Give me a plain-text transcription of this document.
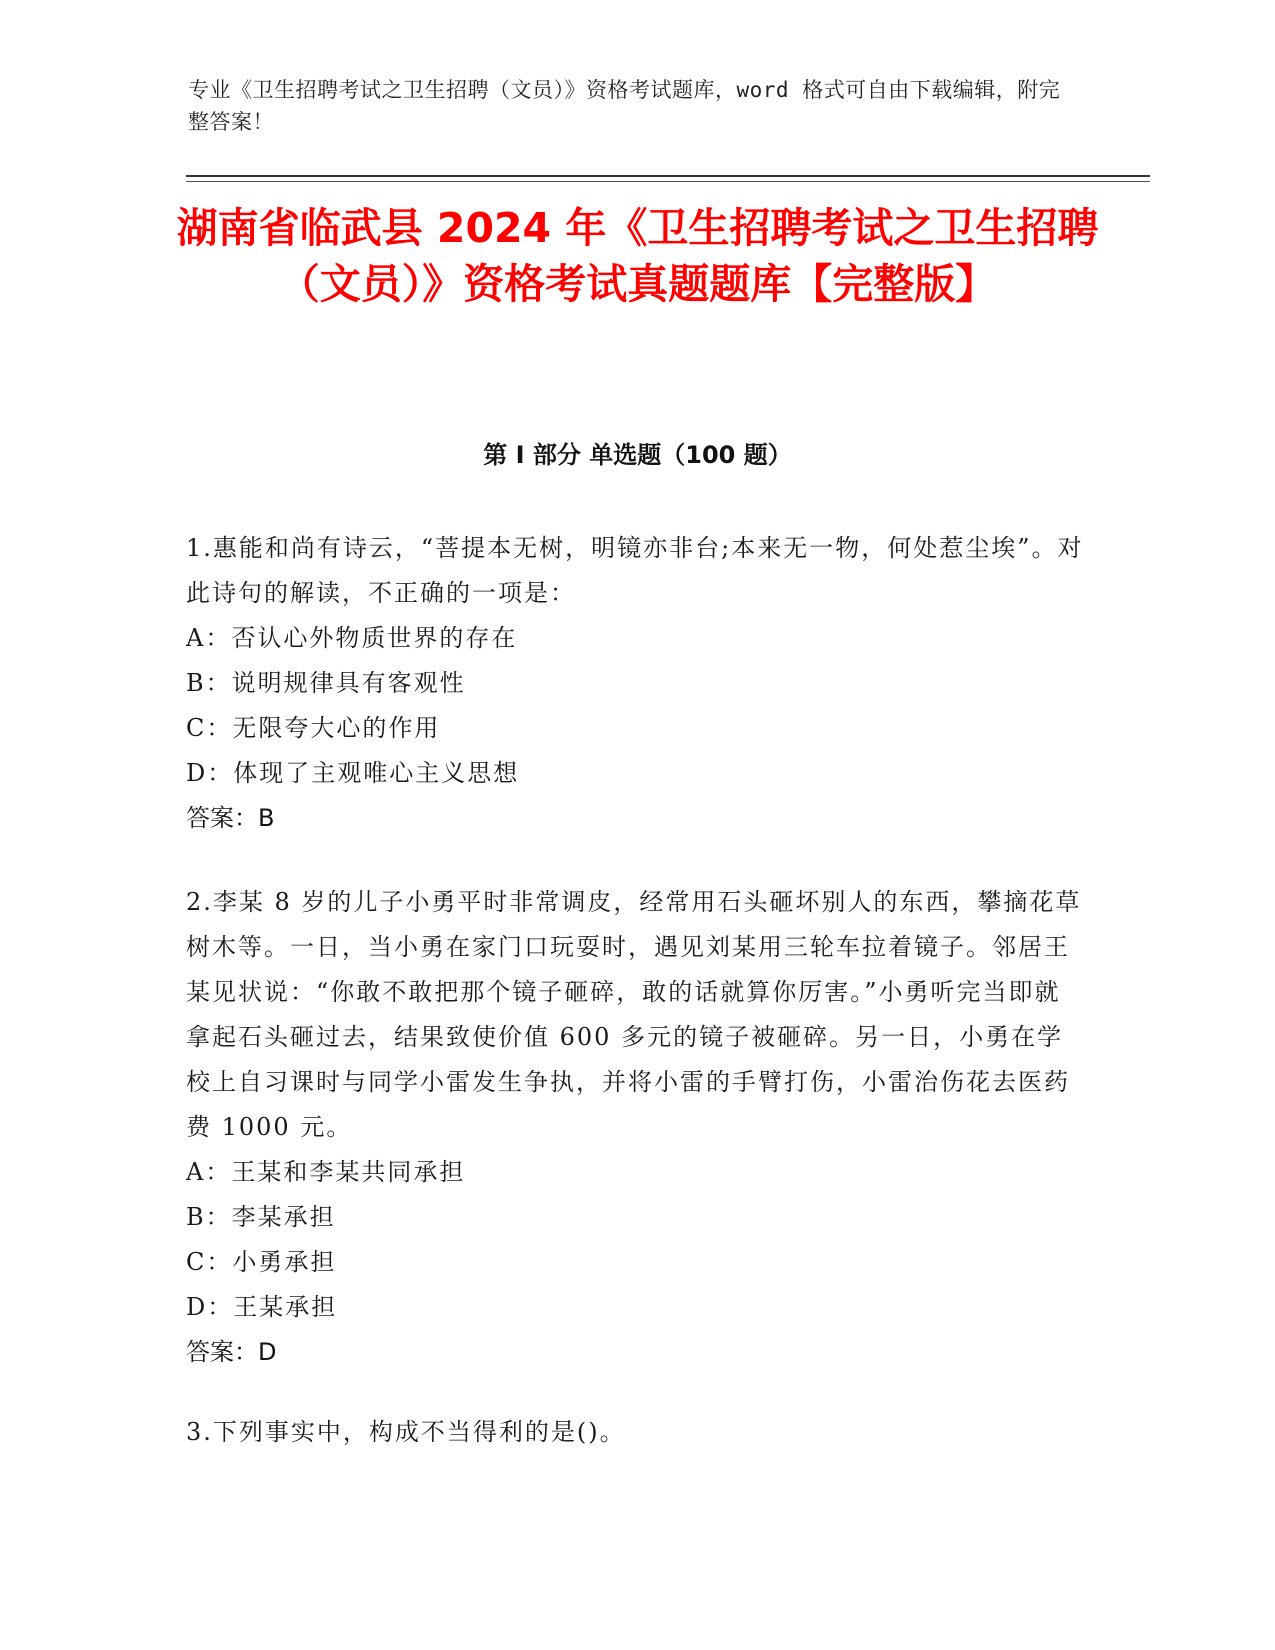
专业《卫生招聘考试之卫生招聘（文员）》资格考试题库，word 格式可自由下载编辑，附完整答案！
湖南省临武县 2024 年《卫生招聘考试之卫生招聘（文员）》资格考试真题题库【完整版】
第 I 部分 单选题（100 题）
1.惠能和尚有诗云，“菩提本无树，明镜亦非台;本来无一物，何处惹尘埃”。对此诗句的解读，不正确的一项是：
A：否认心外物质世界的存在
B：说明规律具有客观性
C：无限夸大心的作用
D：体现了主观唯心主义思想
答案：B
2.李某 8 岁的儿子小勇平时非常调皮，经常用石头砸坏别人的东西，攀摘花草树木等。一日，当小勇在家门口玩耍时，遇见刘某用三轮车拉着镜子。邻居王某见状说：“你敢不敢把那个镜子砸碎，敢的话就算你厉害。”小勇听完当即就拿起石头砸过去，结果致使价值 600 多元的镜子被砸碎。另一日，小勇在学校上自习课时与同学小雷发生争执，并将小雷的手臂打伤，小雷治伤花去医药费 1000 元。
A：王某和李某共同承担
B：李某承担
C：小勇承担
D：王某承担
答案：D
3.下列事实中，构成不当得利的是()。
